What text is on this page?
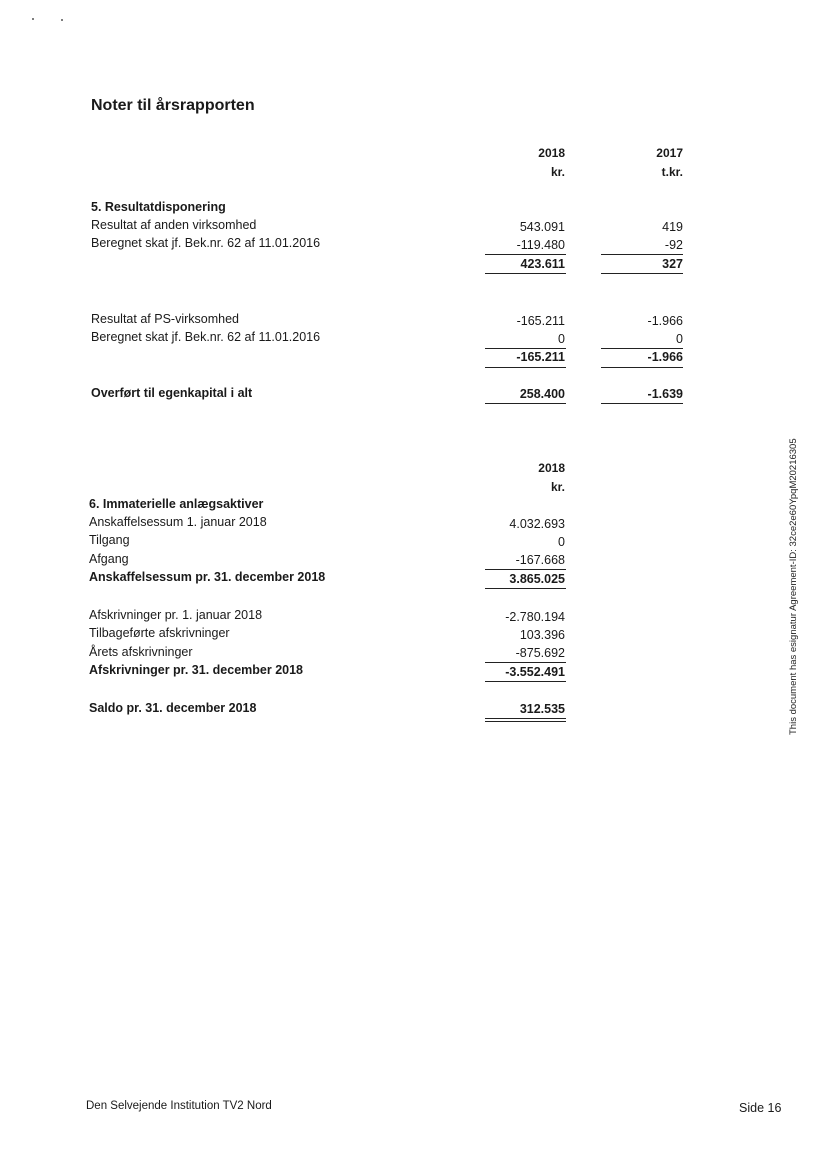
Noter til årsrapporten
2018	2017
kr.	t.kr.
5. Resultatdisponering
Resultat af anden virksomhed	543.091	419
Beregnet skat jf. Bek.nr. 62 af 11.01.2016	-119.480	-92
423.611	327
Resultat af PS-virksomhed	-165.211	-1.966
Beregnet skat jf. Bek.nr. 62 af 11.01.2016	0	0
-165.211	-1.966
Overført til egenkapital i alt	258.400	-1.639
2018
kr.
6. Immaterielle anlægsaktiver
Anskaffelsessum 1. januar 2018	4.032.693
Tilgang	0
Afgang	-167.668
Anskaffelsessum pr. 31. december 2018	3.865.025
Afskrivninger pr. 1. januar 2018	-2.780.194
Tilbageførte afskrivninger	103.396
Årets afskrivninger	-875.692
Afskrivninger pr. 31. december 2018	-3.552.491
Saldo pr. 31. december 2018	312.535	This document has esignatur Agreement-ID: 32ce2e60YpqM20216305
Den Selvejende Institution TV2 Nord	Side 16
